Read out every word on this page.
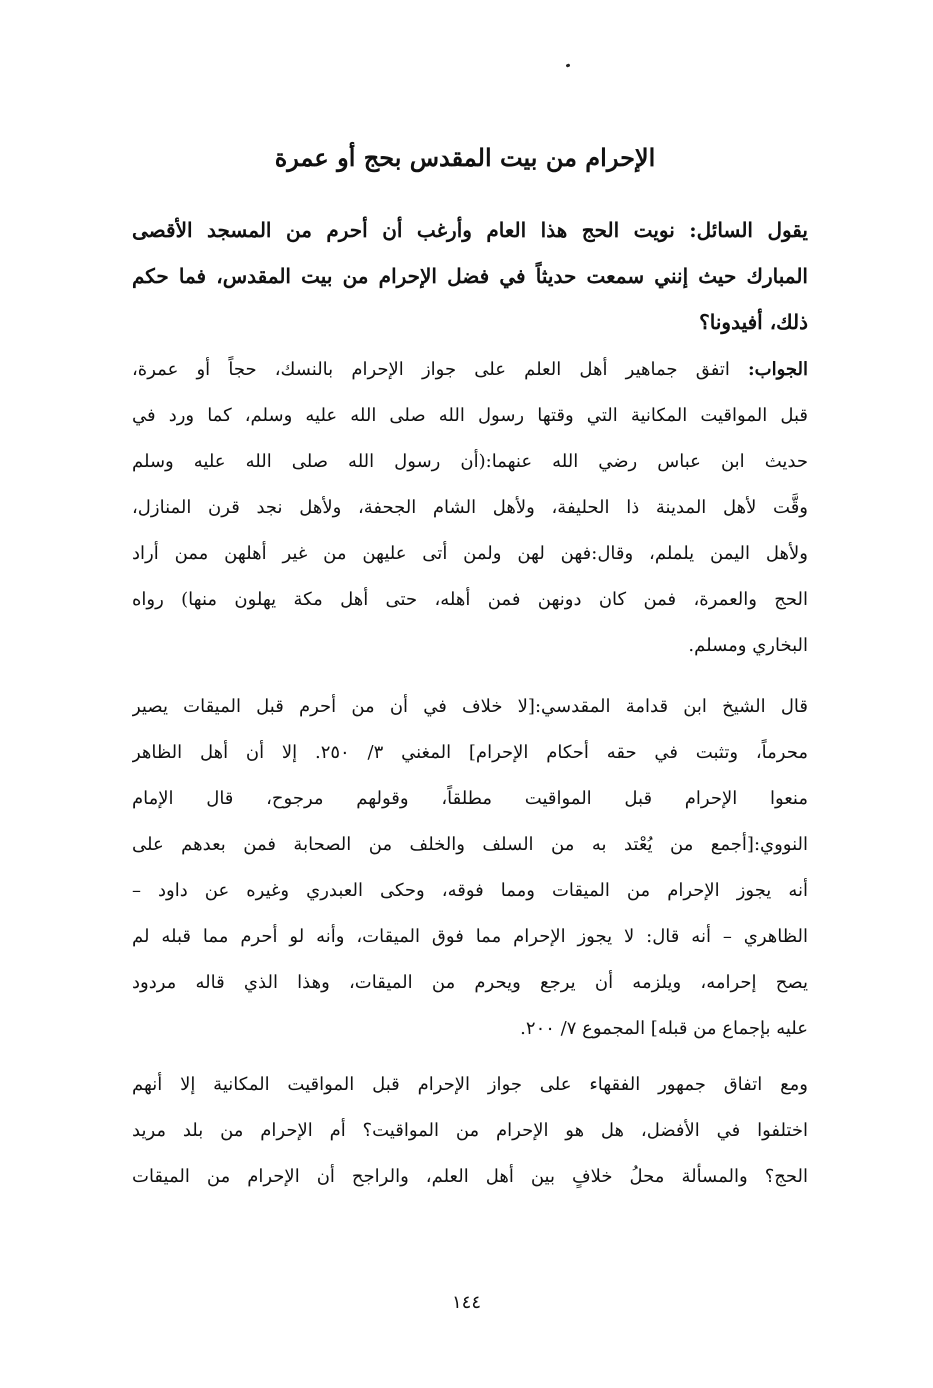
الإحرام من بيت المقدس بحج أو عمرة
يقول السائل: نويت الحج هذا العام وأرغب أن أحرم من المسجد الأقصى
المبارك حيث إنني سمعت حديثاً في فضل الإحرام من بيت المقدس، فما حكم
ذلك، أفيدونا؟
الجواب: اتفق جماهير أهل العلم على جواز الإحرام بالنسك، حجاً أو عمرة،
قبل المواقيت المكانية التي وقتها رسول الله صلى الله عليه وسلم، كما ورد في
حديث ابن عباس رضي الله عنهما:(أن رسول الله صلى الله عليه وسلم
وقَّت لأهل المدينة ذا الحليفة، ولأهل الشام الجحفة، ولأهل نجد قرن المنازل،
ولأهل اليمن يلملم، وقال:فهن لهن ولمن أتى عليهن من غير أهلهن ممن أراد
الحج والعمرة، فمن كان دونهن فمن أهله، حتى أهل مكة يهلون منها) رواه
البخاري ومسلم.
قال الشيخ ابن قدامة المقدسي:[لا خلاف في أن من أحرم قبل الميقات يصير
محرماً، وتثبت في حقه أحكام الإحرام] المغني ٣/ ٢٥٠. إلا أن أهل الظاهر
منعوا الإحرام قبل المواقيت مطلقاً، وقولهم مرجوح، قال الإمام
النووي:[أجمع من يُعْتد به من السلف والخلف من الصحابة فمن بعدهم على
أنه يجوز الإحرام من الميقات ومما فوقه، وحكى العبدري وغيره عن داود –
الظاهري – أنه قال: لا يجوز الإحرام مما فوق الميقات، وأنه لو أحرم مما قبله لم
يصح إحرامه، ويلزمه أن يرجع ويحرم من الميقات، وهذا الذي قاله مردود
عليه بإجماع من قبله] المجموع ٧/ ٢٠٠.
ومع اتفاق جمهور الفقهاء على جواز الإحرام قبل المواقيت المكانية إلا أنهم
اختلفوا في الأفضل، هل هو الإحرام من المواقيت؟ أم الإحرام من بلد مريد
الحج؟ والمسألة محلُ خلافٍ بين أهل العلم، والراجح أن الإحرام من الميقات
١٤٤
